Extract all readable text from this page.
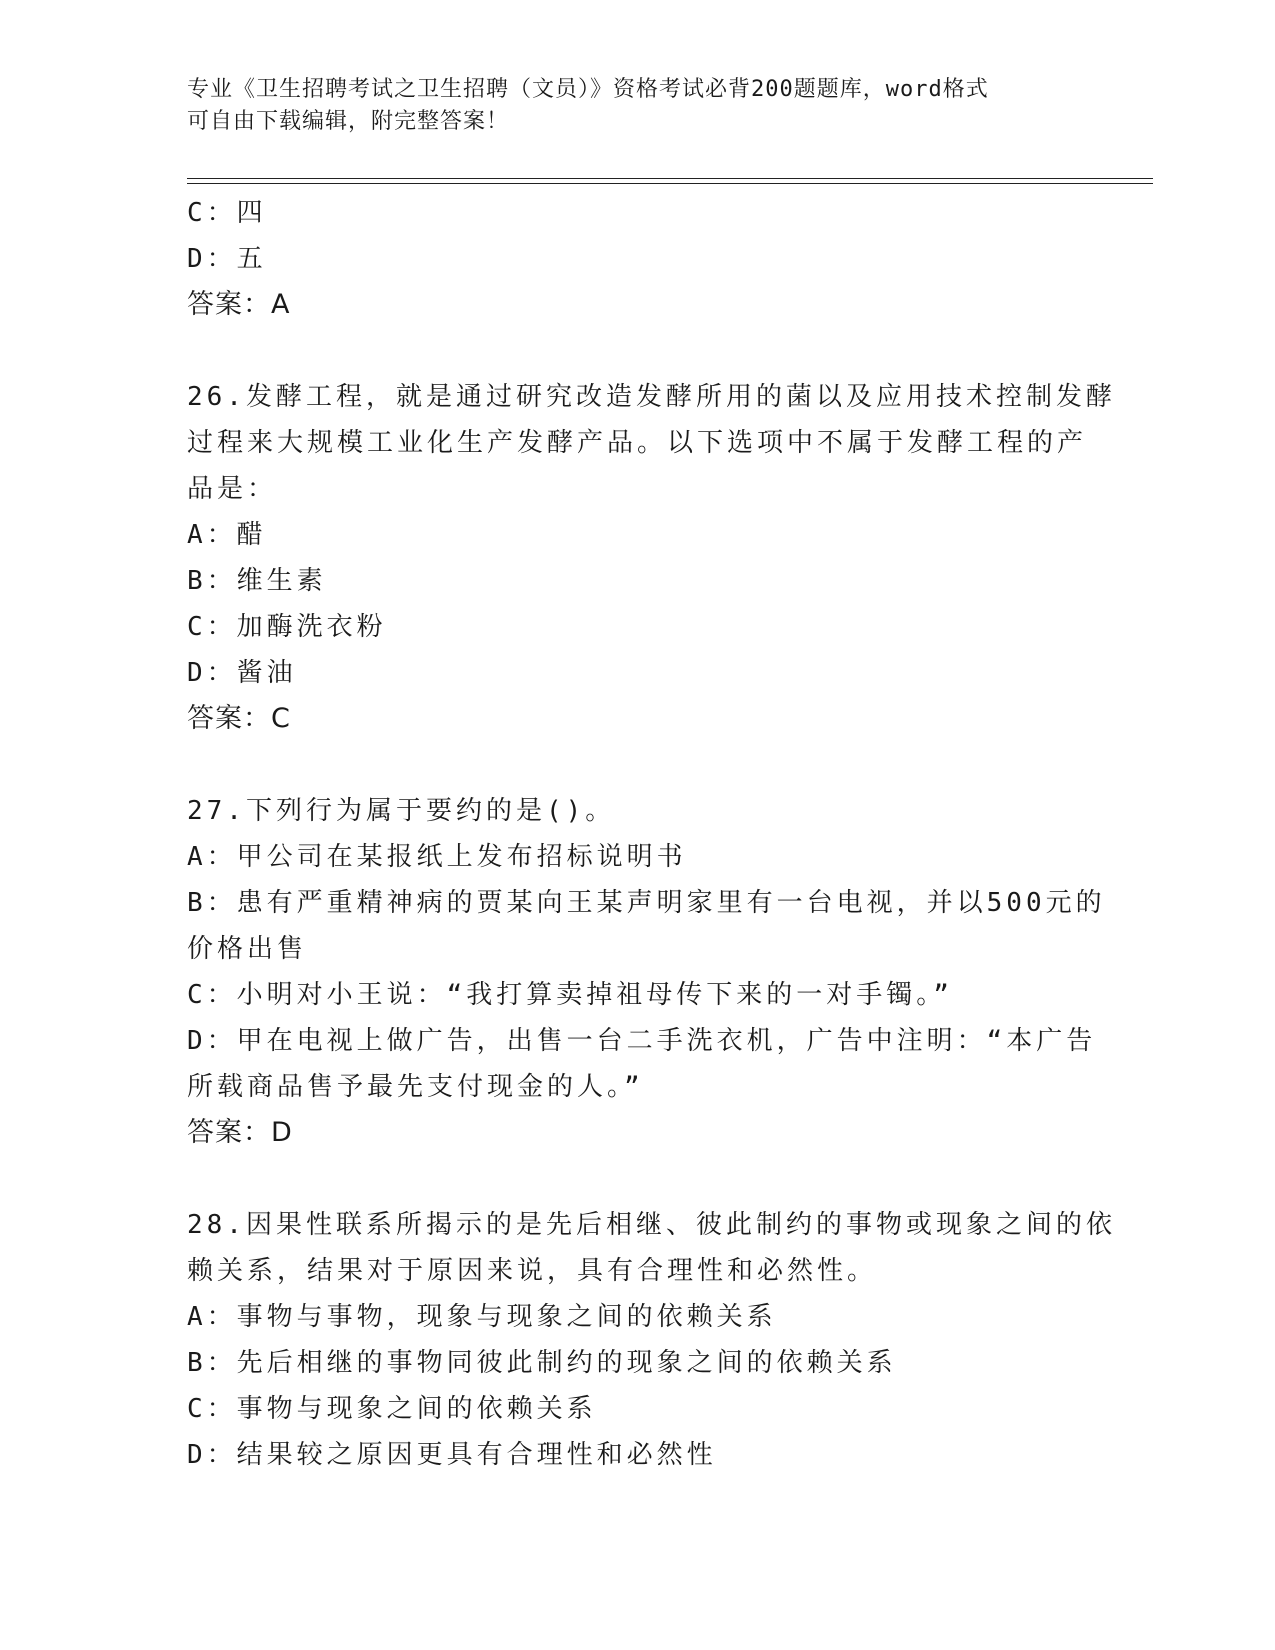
专业《卫生招聘考试之卫生招聘（文员）》资格考试必背200题题库，word格式
可自由下载编辑，附完整答案！
C：四
D：五
答案：A
26.发酵工程，就是通过研究改造发酵所用的菌以及应用技术控制发酵
过程来大规模工业化生产发酵产品。以下选项中不属于发酵工程的产
品是：
A：醋
B：维生素
C：加酶洗衣粉
D：酱油
答案：C
27.下列行为属于要约的是()。
A：甲公司在某报纸上发布招标说明书
B：患有严重精神病的贾某向王某声明家里有一台电视，并以500元的
价格出售
C：小明对小王说：“我打算卖掉祖母传下来的一对手镯。”
D：甲在电视上做广告，出售一台二手洗衣机，广告中注明：“本广告
所载商品售予最先支付现金的人。”
答案：D
28.因果性联系所揭示的是先后相继、彼此制约的事物或现象之间的依
赖关系，结果对于原因来说，具有合理性和必然性。
A：事物与事物，现象与现象之间的依赖关系
B：先后相继的事物同彼此制约的现象之间的依赖关系
C：事物与现象之间的依赖关系
D：结果较之原因更具有合理性和必然性
